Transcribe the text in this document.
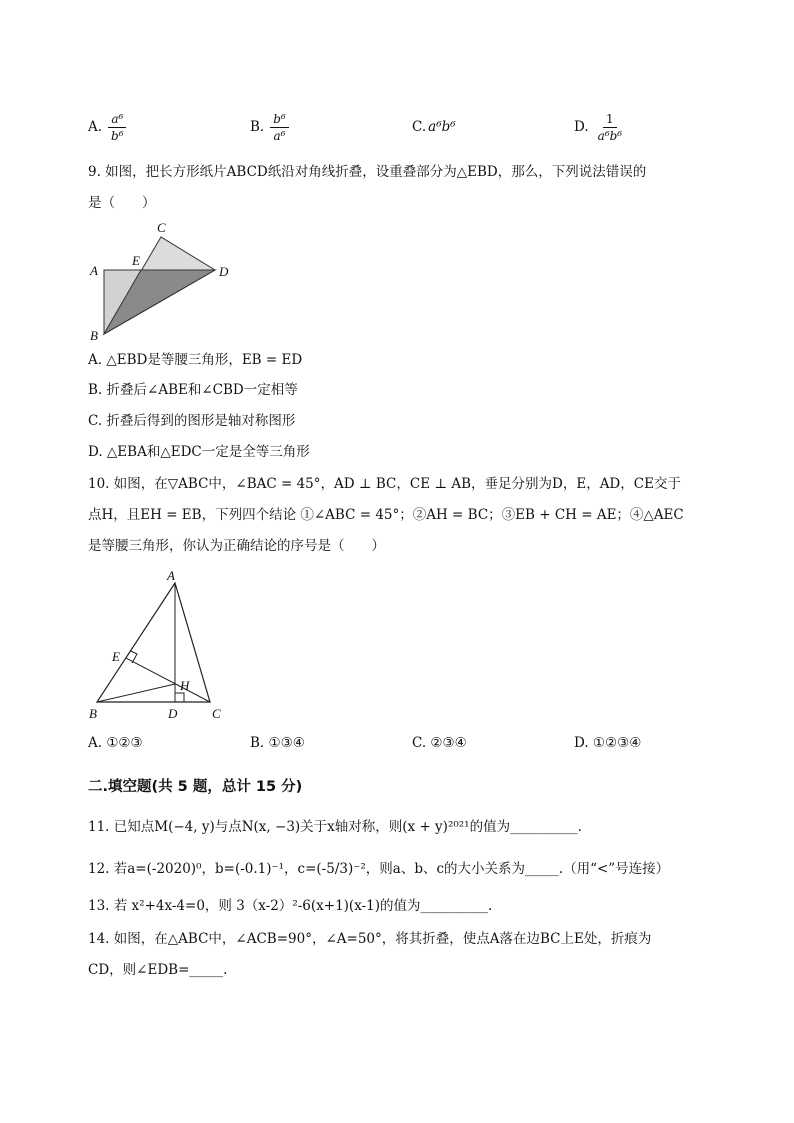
A. $\frac{\text{a⁶}}{\text{b⁶}}$	B. $\frac{\text{b⁶}}{\text{a⁶}}$	C. a⁶b⁶	D. $\frac{1}{\text{a⁶b⁶}}$
9. 如图，把长方形纸片ABCD纸沿对角线折叠，设重叠部分为△EBD，那么，下列说法错误的
是（　　）
A
B
C
D
E
A. △EBD是等腰三角形，EB = ED
B. 折叠后∠ABE和∠CBD一定相等
C. 折叠后得到的图形是轴对称图形
D. △EBA和△EDC一定是全等三角形
10. 如图，在▽ABC中，∠BAC = 45°，AD ⊥ BC，CE ⊥ AB，垂足分别为D，E，AD，CE交于
点H，且EH = EB，下列四个结论 ①∠ABC = 45°；②AH = BC；③EB + CH = AE；④△AEC
是等腰三角形，你认为正确结论的序号是（　　）
A
B	C
D
E
H
A. ①②③	B. ①③④	C. ②③④	D. ①②③④
二.填空题(共 5 题，总计 15 分)
11. 已知点M(−4, y)与点N(x, −3)关于x轴对称，则(x + y)²⁰²¹的值为__________.
12. 若a=(-2020)⁰，b=(-0.1)⁻¹，c=(-5/3)⁻²，则a、b、c的大小关系为_____.（用“<”号连接）
13. 若 x²+4x-4=0，则 3（x-2）²-6(x+1)(x-1)的值为__________.
14. 如图，在△ABC中，∠ACB=90°，∠A=50°，将其折叠，使点A落在边BC上E处，折痕为
CD，则∠EDB=_____.
